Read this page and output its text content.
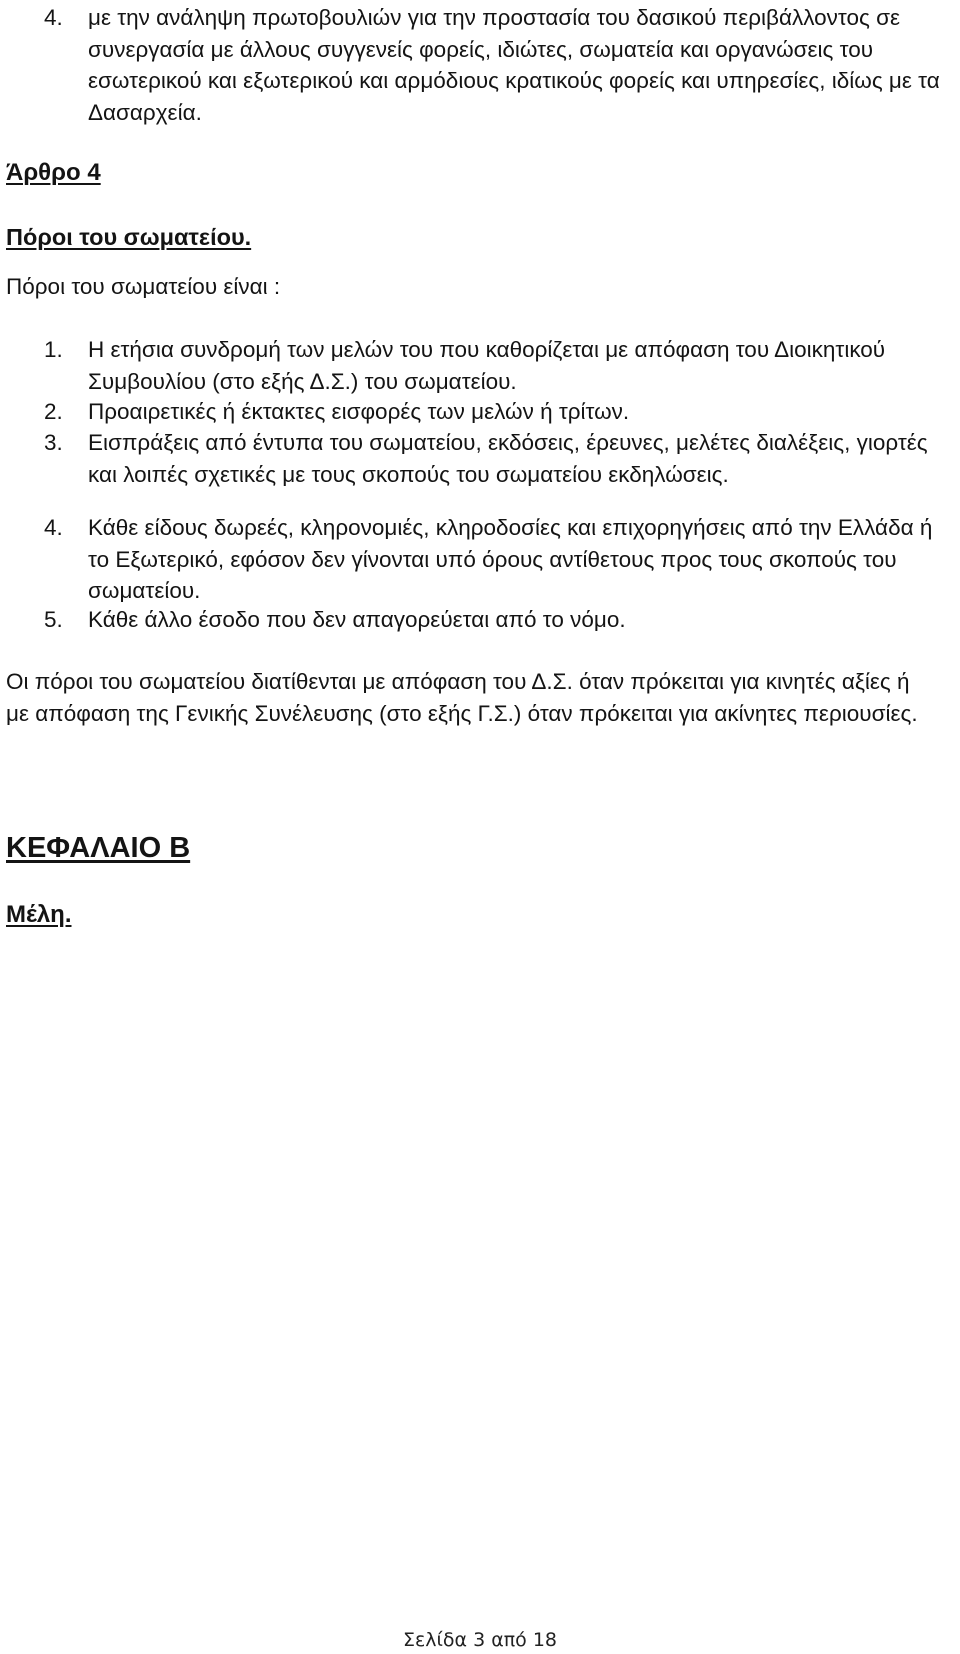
4.	με την ανάληψη πρωτοβουλιών για την προστασία του δασικού περιβάλλοντος σε συνεργασία με άλλους συγγενείς φορείς, ιδιώτες, σωματεία και οργανώσεις του εσωτερικού και εξωτερικού και αρμόδιους κρατικούς φορείς και υπηρεσίες, ιδίως με τα Δασαρχεία.
Άρθρο 4
Πόροι του σωματείου.
Πόροι του σωματείου είναι :
1.	Η ετήσια συνδρομή των μελών του που καθορίζεται με απόφαση του Διοικητικού Συμβουλίου (στο εξής Δ.Σ.) του σωματείου.
2.	Προαιρετικές ή έκτακτες εισφορές των μελών ή τρίτων.
3.	Εισπράξεις από έντυπα του σωματείου, εκδόσεις, έρευνες, μελέτες διαλέξεις, γιορτές και λοιπές σχετικές με τους σκοπούς του σωματείου εκδηλώσεις.
4.	Κάθε είδους δωρεές, κληρονομιές, κληροδοσίες και επιχορηγήσεις από την Ελλάδα ή το Εξωτερικό, εφόσον δεν γίνονται υπό όρους αντίθετους προς τους σκοπούς του σωματείου.
5.	Κάθε άλλο έσοδο που δεν απαγορεύεται από το νόμο.
Οι πόροι του σωματείου διατίθενται με απόφαση του Δ.Σ. όταν πρόκειται για κινητές αξίες ή με απόφαση της Γενικής Συνέλευσης (στο εξής Γ.Σ.) όταν πρόκειται για ακίνητες περιουσίες.
ΚΕΦΑΛΑΙΟ Β
Μέλη.
Σελίδα 3 από 18
